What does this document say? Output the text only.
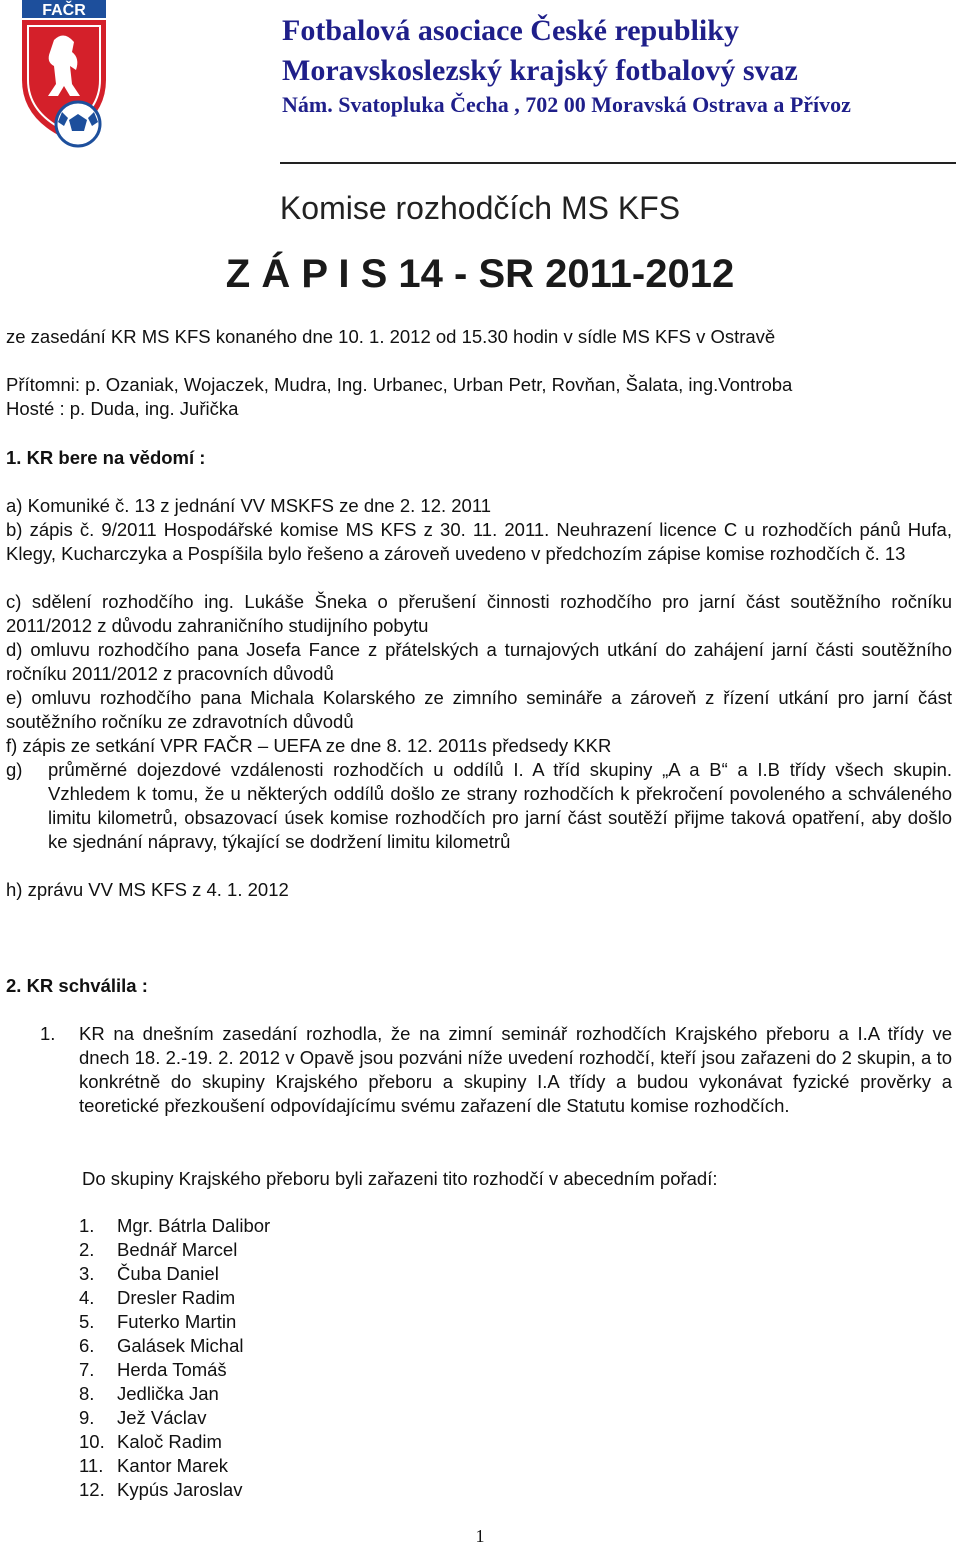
FAČR
Fotbalová asociace České republiky
Moravskoslezský krajský fotbalový svaz
Nám. Svatopluka Čecha , 702 00 Moravská Ostrava a Přívoz
Komise rozhodčích MS KFS
Z Á P I S 14 - SR 2011-2012
ze zasedání KR MS KFS konaného dne 10. 1. 2012 od 15.30 hodin v sídle MS KFS v Ostravě
Přítomni: p. Ozaniak, Wojaczek, Mudra, Ing. Urbanec, Urban Petr, Rovňan, Šalata, ing.Vontroba
Hosté : p. Duda, ing. Juřička
1. KR bere na vědomí :
a) Komuniké č. 13 z jednání VV MSKFS ze dne 2. 12. 2011
b) zápis č. 9/2011 Hospodářské komise MS KFS z 30. 11. 2011. Neuhrazení licence C u rozhodčích pánů Hufa, Klegy, Kucharczyka a Pospíšila bylo řešeno a zároveň uvedeno v předchozím zápise komise rozhodčích č. 13
c) sdělení rozhodčího ing. Lukáše Šneka o přerušení činnosti rozhodčího pro jarní část soutěžního ročníku 2011/2012 z důvodu zahraničního studijního pobytu
d) omluvu rozhodčího pana Josefa Fance z přátelských a turnajových utkání do zahájení jarní části soutěžního ročníku 2011/2012 z pracovních důvodů
e) omluvu rozhodčího pana Michala Kolarského ze zimního semináře a zároveň z řízení utkání pro jarní část soutěžního ročníku ze zdravotních důvodů
f) zápis ze setkání VPR FAČR – UEFA ze dne 8. 12. 2011s předsedy KKR
g) průměrné dojezdové vzdálenosti rozhodčích u oddílů I. A tříd skupiny „A a B“ a I.B třídy všech skupin. Vzhledem k tomu, že u některých oddílů došlo ze strany rozhodčích k překročení povoleného a schváleného limitu kilometrů, obsazovací úsek komise rozhodčích pro jarní část soutěží přijme taková opatření, aby došlo ke sjednání nápravy, týkající se dodržení limitu kilometrů
h) zprávu VV MS KFS z 4. 1. 2012
2. KR schválila :
1. KR na dnešním zasedání rozhodla, že na zimní seminář rozhodčích Krajského přeboru a I.A třídy ve dnech 18. 2.-19. 2. 2012 v Opavě jsou pozváni níže uvedení rozhodčí, kteří jsou zařazeni do 2 skupin, a to konkrétně do skupiny Krajského přeboru a skupiny I.A třídy a budou vykonávat fyzické prověrky a teoretické přezkoušení odpovídajícímu svému zařazení dle Statutu komise rozhodčích.
Do skupiny Krajského přeboru byli zařazeni tito rozhodčí v abecedním pořadí:
1. Mgr. Bátrla Dalibor
2. Bednář Marcel
3. Čuba Daniel
4. Dresler Radim
5. Futerko Martin
6. Galásek Michal
7. Herda Tomáš
8. Jedlička Jan
9. Jež Václav
10. Kaloč Radim
11. Kantor Marek
12. Kypús Jaroslav
1
